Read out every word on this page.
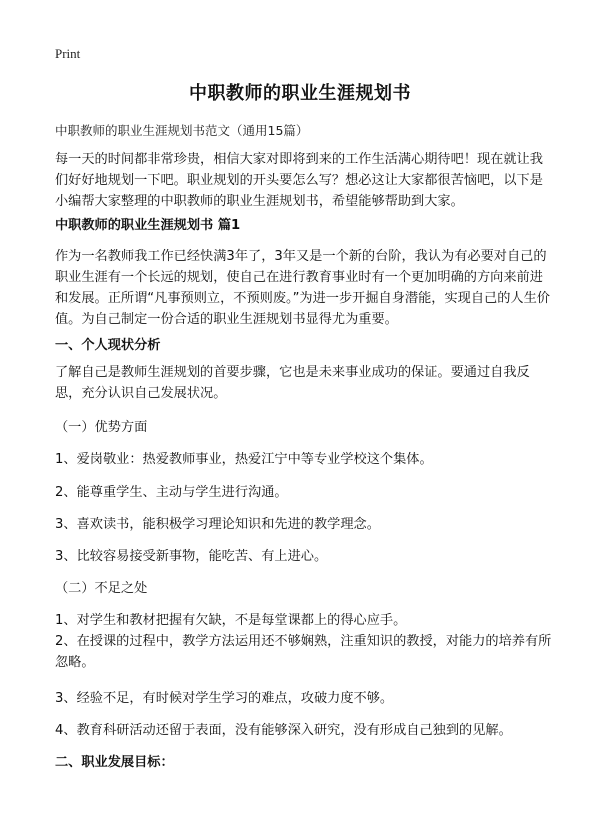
Print
中职教师的职业生涯规划书

中职教师的职业生涯规划书范文（通用15篇）

每一天的时间都非常珍贵，相信大家对即将到来的工作生活满心期待吧！现在就让我们好好地规划一下吧。职业规划的开头要怎么写？想必这让大家都很苦恼吧，以下是小编帮大家整理的中职教师的职业生涯规划书，希望能够帮助到大家。

中职教师的职业生涯规划书 篇1

作为一名教师我工作已经快满3年了，3年又是一个新的台阶，我认为有必要对自己的职业生涯有一个长远的规划，使自己在进行教育事业时有一个更加明确的方向来前进和发展。正所谓“凡事预则立，不预则废。”为进一步开掘自身潜能，实现自己的人生价值。为自己制定一份合适的职业生涯规划书显得尤为重要。

一、个人现状分析

了解自己是教师生涯规划的首要步骤，它也是未来事业成功的保证。要通过自我反思，充分认识自己发展状况。

（一）优势方面

1、爱岗敬业：热爱教师事业，热爱江宁中等专业学校这个集体。

2、能尊重学生、主动与学生进行沟通。

3、喜欢读书，能积极学习理论知识和先进的教学理念。

3、比较容易接受新事物，能吃苦、有上进心。

（二）不足之处

1、对学生和教材把握有欠缺，不是每堂课都上的得心应手。

2、在授课的过程中，教学方法运用还不够娴熟，注重知识的教授，对能力的培养有所忽略。

3、经验不足，有时候对学生学习的难点，攻破力度不够。

4、教育科研活动还留于表面，没有能够深入研究，没有形成自己独到的见解。

二、职业发展目标：
